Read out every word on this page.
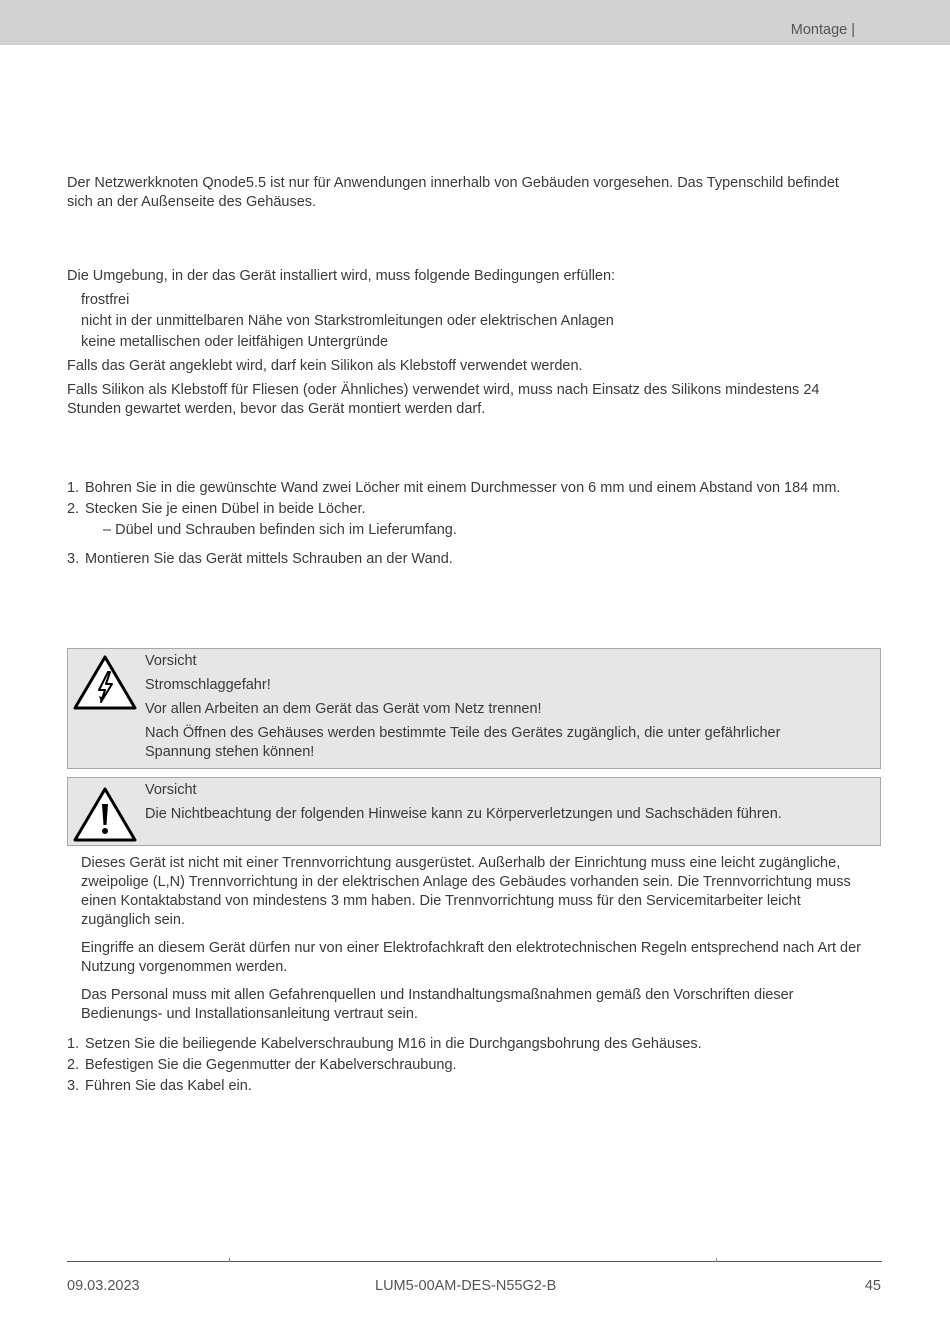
Montage |

Der Netzwerkknoten Qnode5.5 ist nur für Anwendungen innerhalb von Gebäuden vorgesehen. Das Typenschild befindet sich an der Außenseite des Gehäuses.

Die Umgebung, in der das Gerät installiert wird, muss folgende Bedingungen erfüllen:

frostfrei

nicht in der unmittelbaren Nähe von Starkstromleitungen oder elektrischen Anlagen

keine metallischen oder leitfähigen Untergründe

Falls das Gerät angeklebt wird, darf kein Silikon als Klebstoff verwendet werden.

Falls Silikon als Klebstoff für Fliesen (oder Ähnliches) verwendet wird, muss nach Einsatz des Silikons mindestens 24 Stunden gewartet werden, bevor das Gerät montiert werden darf.

1. Bohren Sie in die gewünschte Wand zwei Löcher mit einem Durchmesser von 6 mm und einem Abstand von 184 mm.
2. Stecken Sie je einen Dübel in beide Löcher.
– Dübel und Schrauben befinden sich im Lieferumfang.
3. Montieren Sie das Gerät mittels Schrauben an der Wand.

Vorsicht

Stromschlaggefahr!

Vor allen Arbeiten an dem Gerät das Gerät vom Netz trennen!

Nach Öffnen des Gehäuses werden bestimmte Teile des Gerätes zugänglich, die unter gefährlicher Spannung stehen können!

Vorsicht

Die Nichtbeachtung der folgenden Hinweise kann zu Körperverletzungen und Sachschäden führen.

Dieses Gerät ist nicht mit einer Trennvorrichtung ausgerüstet. Außerhalb der Einrichtung muss eine leicht zugängliche, zweipolige (L,N) Trennvorrichtung in der elektrischen Anlage des Gebäudes vorhanden sein. Die Trennvorrichtung muss einen Kontaktabstand von mindestens 3 mm haben. Die Trennvorrichtung muss für den Servicemitarbeiter leicht zugänglich sein.

Eingriffe an diesem Gerät dürfen nur von einer Elektrofachkraft den elektrotechnischen Regeln entsprechend nach Art der Nutzung vorgenommen werden.

Das Personal muss mit allen Gefahrenquellen und Instandhaltungsmaßnahmen gemäß den Vorschriften dieser Bedienungs- und Installationsanleitung vertraut sein.

1. Setzen Sie die beiliegende Kabelverschraubung M16 in die Durchgangsbohrung des Gehäuses.
2. Befestigen Sie die Gegenmutter der Kabelverschraubung.
3. Führen Sie das Kabel ein.
09.03.2023	LUM5-00AM-DES-N55G2-B	45
